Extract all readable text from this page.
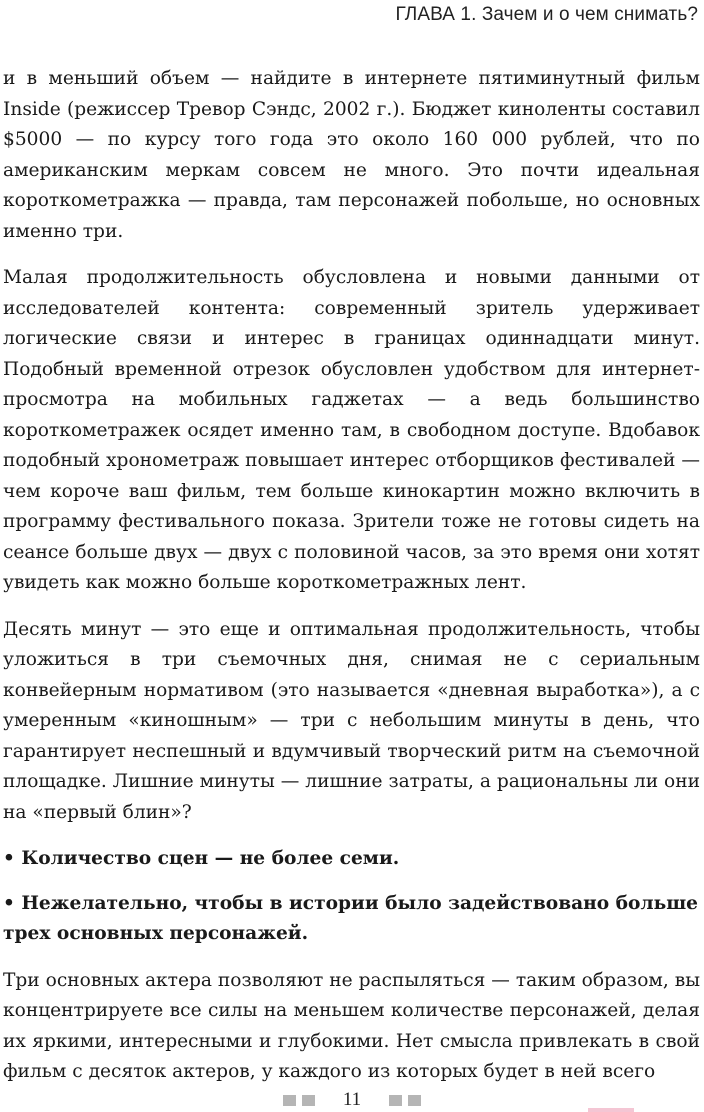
ГЛАВА 1. Зачем и о чем снимать?

и в меньший объем — найдите в интернете пятиминутный фильм Inside (режиссер Тревор Сэндс, 2002 г.). Бюджет киноленты составил $5000 — по курсу того года это около 160 000 рублей, что по американским меркам совсем не много. Это почти идеальная короткометражка — правда, там персонажей побольше, но основных именно три.

Малая продолжительность обусловлена и новыми данными от исследователей контента: современный зритель удерживает логические связи и интерес в границах одиннадцати минут. Подобный временной отрезок обусловлен удобством для интернет-просмотра на мобильных гаджетах — а ведь большинство короткометражек осядет именно там, в свободном доступе. Вдобавок подобный хронометраж повышает интерес отборщиков фестивалей — чем короче ваш фильм, тем больше кинокартин можно включить в программу фестивального показа. Зрители тоже не готовы сидеть на сеансе больше двух — двух с половиной часов, за это время они хотят увидеть как можно больше короткометражных лент.

Десять минут — это еще и оптимальная продолжительность, чтобы уложиться в три съемочных дня, снимая не с сериальным конвейерным нормативом (это называется «дневная выработка»), а с умеренным «киношным» — три с небольшим минуты в день, что гарантирует неспешный и вдумчивый творческий ритм на съемочной площадке. Лишние минуты — лишние затраты, а рациональны ли они на «первый блин»?

• Количество сцен — не более семи.

• Нежелательно, чтобы в истории было задействовано больше трех основных персонажей.

Три основных актера позволяют не распыляться — таким образом, вы концентрируете все силы на меньшем количестве персонажей, делая их яркими, интересными и глубокими. Нет смысла привлекать в свой фильм с десяток актеров, у каждого из которых будет в ней всего

11
